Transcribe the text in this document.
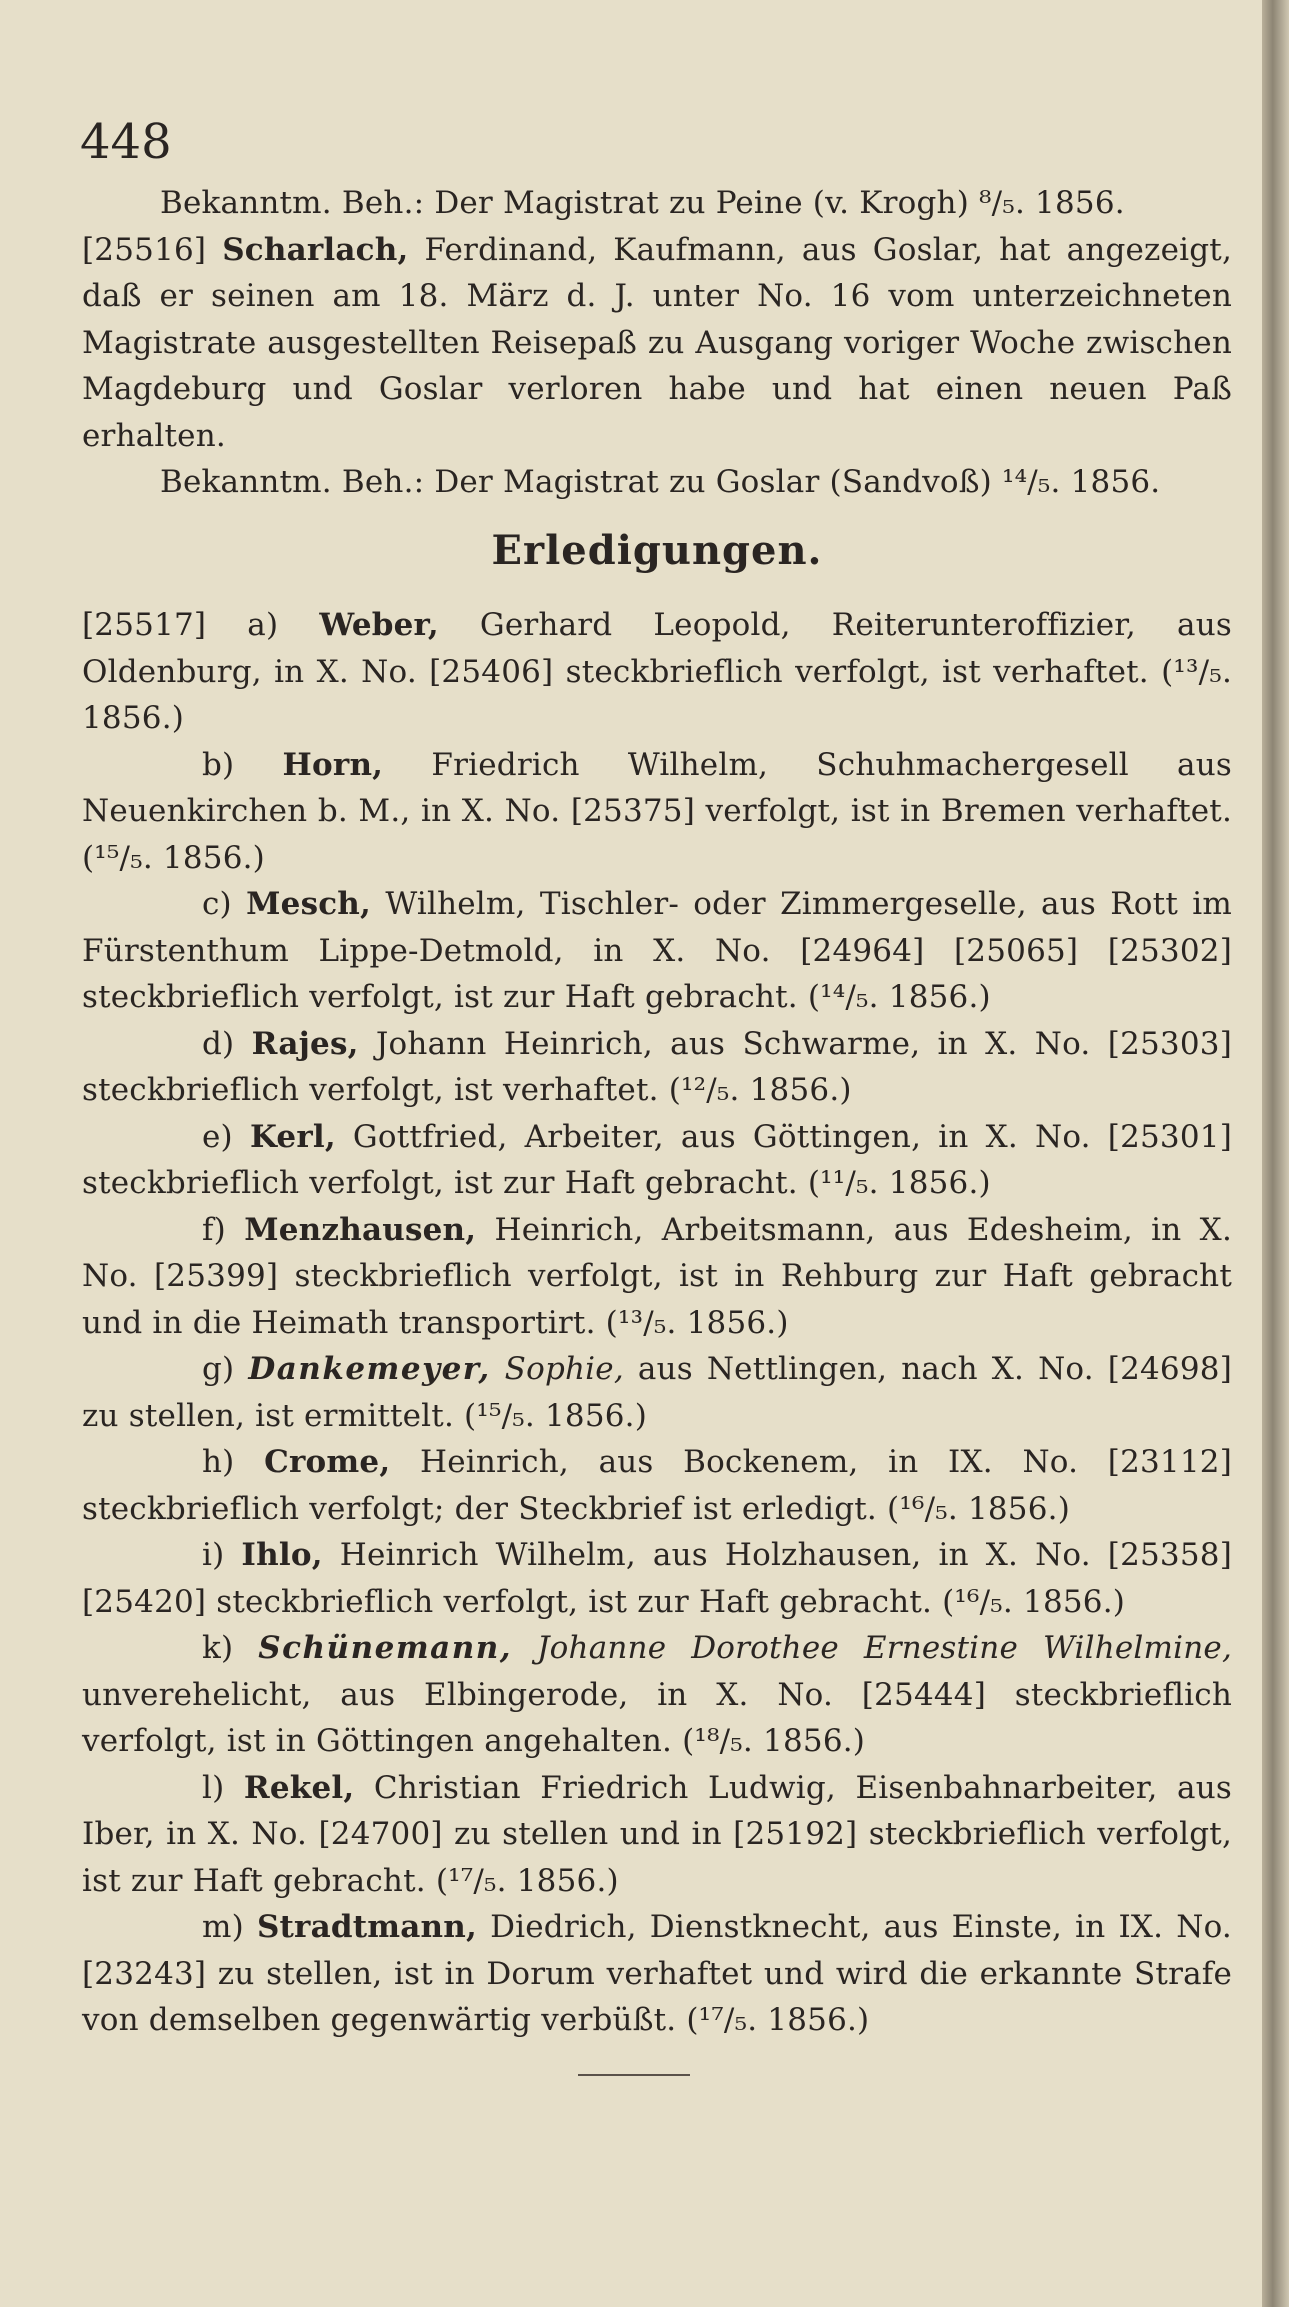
448

Bekanntm. Beh.: Der Magistrat zu Peine (v. Krogh) ⁸/₅. 1856.

[25516] Scharlach, Ferdinand, Kaufmann, aus Goslar, hat angezeigt, daß er seinen am 18. März d. J. unter No. 16 vom unterzeichneten Magistrate ausgestellten Reisepaß zu Ausgang voriger Woche zwischen Magdeburg und Goslar verloren habe und hat einen neuen Paß erhalten.

Bekanntm. Beh.: Der Magistrat zu Goslar (Sandvoß) ¹⁴/₅. 1856.

Erledigungen.

[25517] a) Weber, Gerhard Leopold, Reiterunteroffizier, aus Oldenburg, in X. No. [25406] steckbrieflich verfolgt, ist verhaftet. (¹³/₅. 1856.)

b) Horn, Friedrich Wilhelm, Schuhmachergesell aus Neuenkirchen b. M., in X. No. [25375] verfolgt, ist in Bremen verhaftet. (¹⁵/₅. 1856.)

c) Mesch, Wilhelm, Tischler- oder Zimmergeselle, aus Rott im Fürstenthum Lippe-Detmold, in X. No. [24964] [25065] [25302] steckbrieflich verfolgt, ist zur Haft gebracht. (¹⁴/₅. 1856.)

d) Rajes, Johann Heinrich, aus Schwarme, in X. No. [25303] steckbrieflich verfolgt, ist verhaftet. (¹²/₅. 1856.)

e) Kerl, Gottfried, Arbeiter, aus Göttingen, in X. No. [25301] steckbrieflich verfolgt, ist zur Haft gebracht. (¹¹/₅. 1856.)

f) Menzhausen, Heinrich, Arbeitsmann, aus Edesheim, in X. No. [25399] steckbrieflich verfolgt, ist in Rehburg zur Haft gebracht und in die Heimath transportirt. (¹³/₅. 1856.)

g) Dankemeyer, Sophie, aus Nettlingen, nach X. No. [24698] zu stellen, ist ermittelt. (¹⁵/₅. 1856.)

h) Crome, Heinrich, aus Bockenem, in IX. No. [23112] steckbrieflich verfolgt; der Steckbrief ist erledigt. (¹⁶/₅. 1856.)

i) Ihlo, Heinrich Wilhelm, aus Holzhausen, in X. No. [25358] [25420] steckbrieflich verfolgt, ist zur Haft gebracht. (¹⁶/₅. 1856.)

k) Schünemann, Johanne Dorothee Ernestine Wilhelmine, unverehelicht, aus Elbingerode, in X. No. [25444] steckbrieflich verfolgt, ist in Göttingen angehalten. (¹⁸/₅. 1856.)

l) Rekel, Christian Friedrich Ludwig, Eisenbahnarbeiter, aus Iber, in X. No. [24700] zu stellen und in [25192] steckbrieflich verfolgt, ist zur Haft gebracht. (¹⁷/₅. 1856.)

m) Stradtmann, Diedrich, Dienstknecht, aus Einste, in IX. No. [23243] zu stellen, ist in Dorum verhaftet und wird die erkannte Strafe von demselben gegenwärtig verbüßt. (¹⁷/₅. 1856.)
